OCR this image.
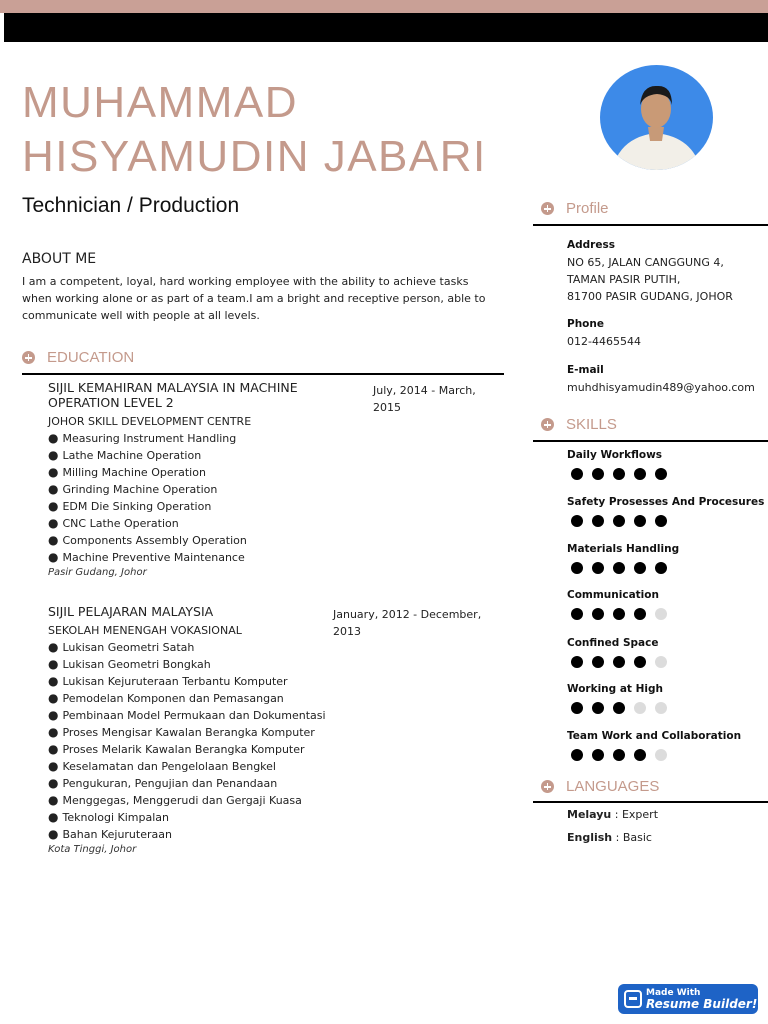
MUHAMMAD
HISYAMUDIN JABARI
Technician / Production
ABOUT ME
I am a competent, loyal, hard working employee with the ability to achieve tasks when working alone or as part of a team.I am a bright and receptive person, able to communicate well with people at all levels.
EDUCATION
SIJIL KEMAHIRAN MALAYSIA IN MACHINE OPERATION LEVEL 2
JOHOR SKILL DEVELOPMENT CENTRE
● Measuring Instrument Handling
● Lathe Machine Operation
● Milling Machine Operation
● Grinding Machine Operation
● EDM Die Sinking Operation
● CNC Lathe Operation
● Components Assembly Operation
● Machine Preventive Maintenance
Pasir Gudang, Johor
July, 2014 - March, 2015
SIJIL PELAJARAN MALAYSIA
SEKOLAH MENENGAH VOKASIONAL
● Lukisan Geometri Satah
● Lukisan Geometri Bongkah
● Lukisan Kejuruteraan Terbantu Komputer
● Pemodelan Komponen dan Pemasangan
● Pembinaan Model Permukaan dan Dokumentasi
● Proses Mengisar Kawalan Berangka Komputer
● Proses Melarik Kawalan Berangka Komputer
● Keselamatan dan Pengelolaan Bengkel
● Pengukuran, Pengujian dan Penandaan
● Menggegas, Menggerudi dan Gergaji Kuasa
● Teknologi Kimpalan
● Bahan Kejuruteraan
Kota Tinggi, Johor
January, 2012 - December, 2013
Profile
Address
NO 65, JALAN CANGGUNG 4,
TAMAN PASIR PUTIH,
81700 PASIR GUDANG, JOHOR
Phone
012-4465544
E-mail
muhdhisyamudin489@yahoo.com
SKILLS
Daily Workflows
Safety Prosesses And Procesures
Materials Handling
Communication
Confined Space
Working at High
Team Work and Collaboration
LANGUAGES
Melayu : Expert
English : Basic
Made With
Resume Builder!
